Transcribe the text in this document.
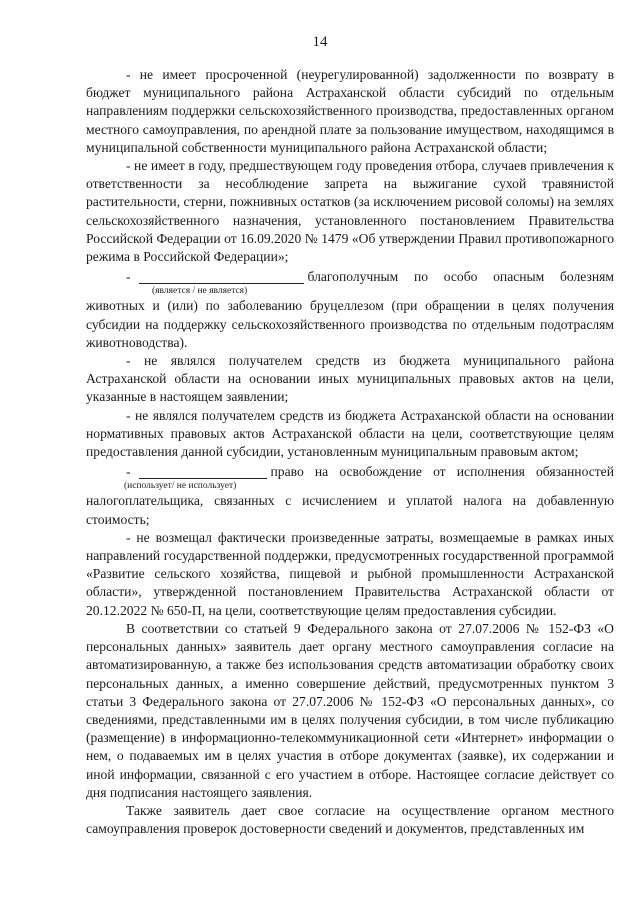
14

- не имеет просроченной (неурегулированной) задолженности по возврату в бюджет муниципального района Астраханской области субсидий по отдельным направлениям поддержки сельскохозяйственного производства, предоставленных органом местного самоуправления, по арендной плате за пользование имуществом, находящимся в муниципальной собственности муниципального района Астраханской области;

- не имеет в году, предшествующем году проведения отбора, случаев привлечения к ответственности за несоблюдение запрета на выжигание сухой травянистой растительности, стерни, пожнивных остатков (за исключением рисовой соломы) на землях сельскохозяйственного назначения, установленного постановлением Правительства Российской Федерации от 16.09.2020 № 1479 «Об утверждении Правил противопожарного режима в Российской Федерации»;

-	благополучным по особо опасным болезням
(является / не является)

животных и (или) по заболеванию бруцеллезом (при обращении в целях получения субсидии на поддержку сельскохозяйственного производства по отдельным подотраслям животноводства).

- не являлся получателем средств из бюджета муниципального района Астраханской области на основании иных муниципальных правовых актов на цели, указанные в настоящем заявлении;

- не являлся получателем средств из бюджета Астраханской области на основании нормативных правовых актов Астраханской области на цели, соответствующие целям предоставления данной субсидии, установленным муниципальным правовым актом;

-	право на освобождение от исполнения обязанностей
(использует/ не использует)

налогоплательщика, связанных с исчислением и уплатой налога на добавленную стоимость;

- не возмещал фактически произведенные затраты, возмещаемые в рамках иных направлений государственной поддержки, предусмотренных государственной программой «Развитие сельского хозяйства, пищевой и рыбной промышленности Астраханской области», утвержденной постановлением Правительства Астраханской области от 20.12.2022 № 650-П, на цели, соответствующие целям предоставления субсидии.

В соответствии со статьей 9 Федерального закона от 27.07.2006 № 152-ФЗ «О персональных данных» заявитель дает органу местного самоуправления согласие на автоматизированную, а также без использования средств автоматизации обработку своих персональных данных, а именно совершение действий, предусмотренных пунктом 3 статьи 3 Федерального закона от 27.07.2006 № 152-ФЗ «О персональных данных», со сведениями, представленными им в целях получения субсидии, в том числе публикацию (размещение) в информационно-телекоммуникационной сети «Интернет» информации о нем, о подаваемых им в целях участия в отборе документах (заявке), их содержании и иной информации, связанной с его участием в отборе. Настоящее согласие действует со дня подписания настоящего заявления.

Также заявитель дает свое согласие на осуществление органом местного самоуправления проверок достоверности сведений и документов, представленных им
